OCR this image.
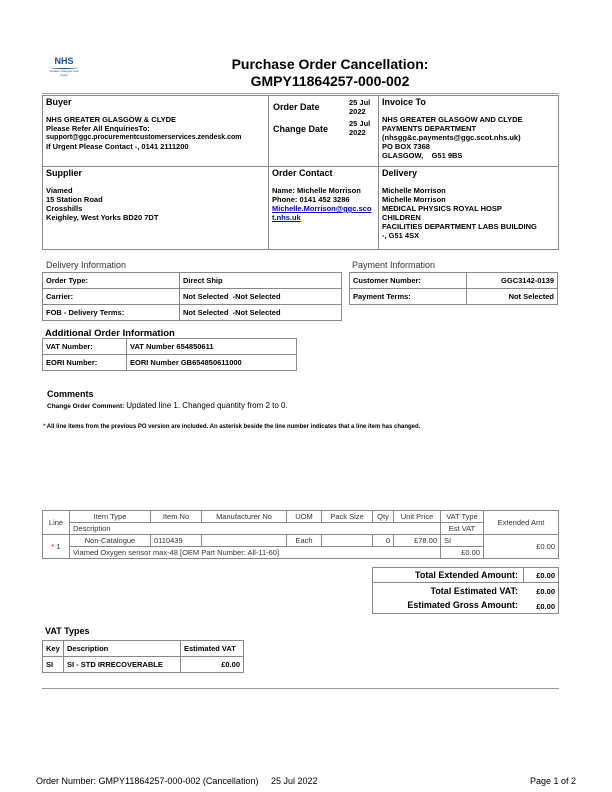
NHS
Greater Glasgow and Clyde
Purchase Order Cancellation:
GMPY11864257-000-002
Buyer
NHS GREATER GLASGOW & CLYDE
Please Refer All EnquiriesTo:
support@ggc.procurementcustomerservices.zendesk.com
If Urgent Please Contact -, 0141 2111200
Order Date	25 Jul 2022
Change Date
25 Jul 2022
Invoice To
NHS GREATER GLASGOW AND CLYDE
PAYMENTS DEPARTMENT
(nhsgg&c.payments@ggc.scot.nhs.uk)
PO BOX 7368
GLASGOW,    G51 9BS
Supplier
Viamed
15 Station Road
Crosshills
Keighley, West Yorks BD20 7DT
Order Contact
Name: Michelle Morrison
Phone: 0141 452 3286
Michelle.Morrison@ggc.scot.nhs.uk
Delivery
Michelle Morrison
Michelle Morrison
MEDICAL PHYSICS ROYAL HOSP
CHILDREN
FACILITIES DEPARTMENT LABS BUILDING
-, G51 4SX
Delivery Information
Order Type:	Direct Ship
Carrier:	Not Selected  -Not Selected
FOB - Delivery Terms:	Not Selected  -Not Selected
Payment Information
Customer Number:	GGC3142-0139
Payment Terms:	Not Selected
Additional Order Information
VAT Number:	VAT Number 654850611
EORI Number:	EORI Number GB654850611000
Comments
Change Order Comment: Updated line 1. Changed quantity from 2 to 0.
* All line items from the previous PO version are included. An asterisk beside the line number indicates that a line item has changed.
Line	Item Type	Item No	Manufacturer No	UOM	Pack Size	Qty	Unit Price	VAT Type	Extended Amt
	Description							Est VAT	
* 1	Non-Catalogue	0110439		Each		0	£78.00	SI	£0.00
	Viamed Oxygen sensor max-48 [OEM Part Number: All-11-60]							£0.00	
Total Extended Amount: £0.00
Total Estimated VAT: £0.00
Estimated Gross Amount: £0.00
VAT Types
Key	Description	Estimated VAT
SI	SI - STD IRRECOVERABLE	£0.00
Order Number: GMPY11864257-000-002 (Cancellation)     25 Jul 2022	Page 1 of 2
